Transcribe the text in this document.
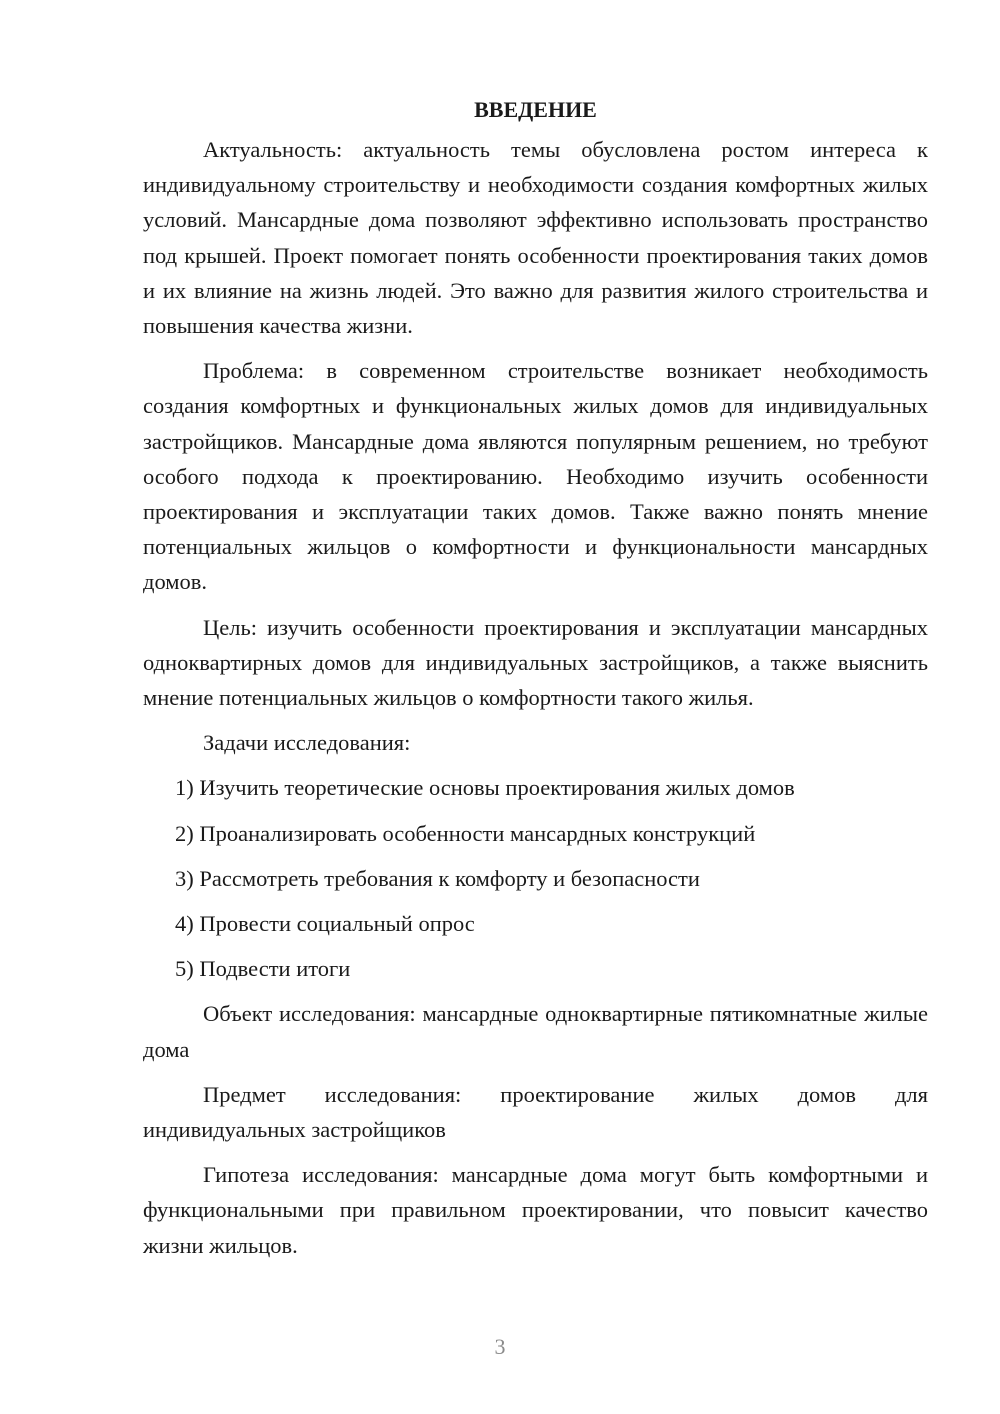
ВВЕДЕНИЕ

Актуальность: актуальность темы обусловлена ростом интереса к индивидуальному строительству и необходимости создания комфортных жилых условий. Мансардные дома позволяют эффективно использовать пространство под крышей. Проект помогает понять особенности проектирования таких домов и их влияние на жизнь людей. Это важно для развития жилого строительства и повышения качества жизни.

Проблема: в современном строительстве возникает необходимость создания комфортных и функциональных жилых домов для индивидуальных застройщиков. Мансардные дома являются популярным решением, но требуют особого подхода к проектированию. Необходимо изучить особенности проектирования и эксплуатации таких домов. Также важно понять мнение потенциальных жильцов о комфортности и функциональности мансардных домов.

Цель: изучить особенности проектирования и эксплуатации мансардных одноквартирных домов для индивидуальных застройщиков, а также выяснить мнение потенциальных жильцов о комфортности такого жилья.

Задачи исследования:

1) Изучить теоретические основы проектирования жилых домов
2) Проанализировать особенности мансардных конструкций
3) Рассмотреть требования к комфорту и безопасности
4) Провести социальный опрос
5) Подвести итоги

Объект исследования: мансардные одноквартирные пятикомнатные жилые дома

Предмет исследования: проектирование жилых домов для индивидуальных застройщиков

Гипотеза исследования: мансардные дома могут быть комфортными и функциональными при правильном проектировании, что повысит качество жизни жильцов.

3
